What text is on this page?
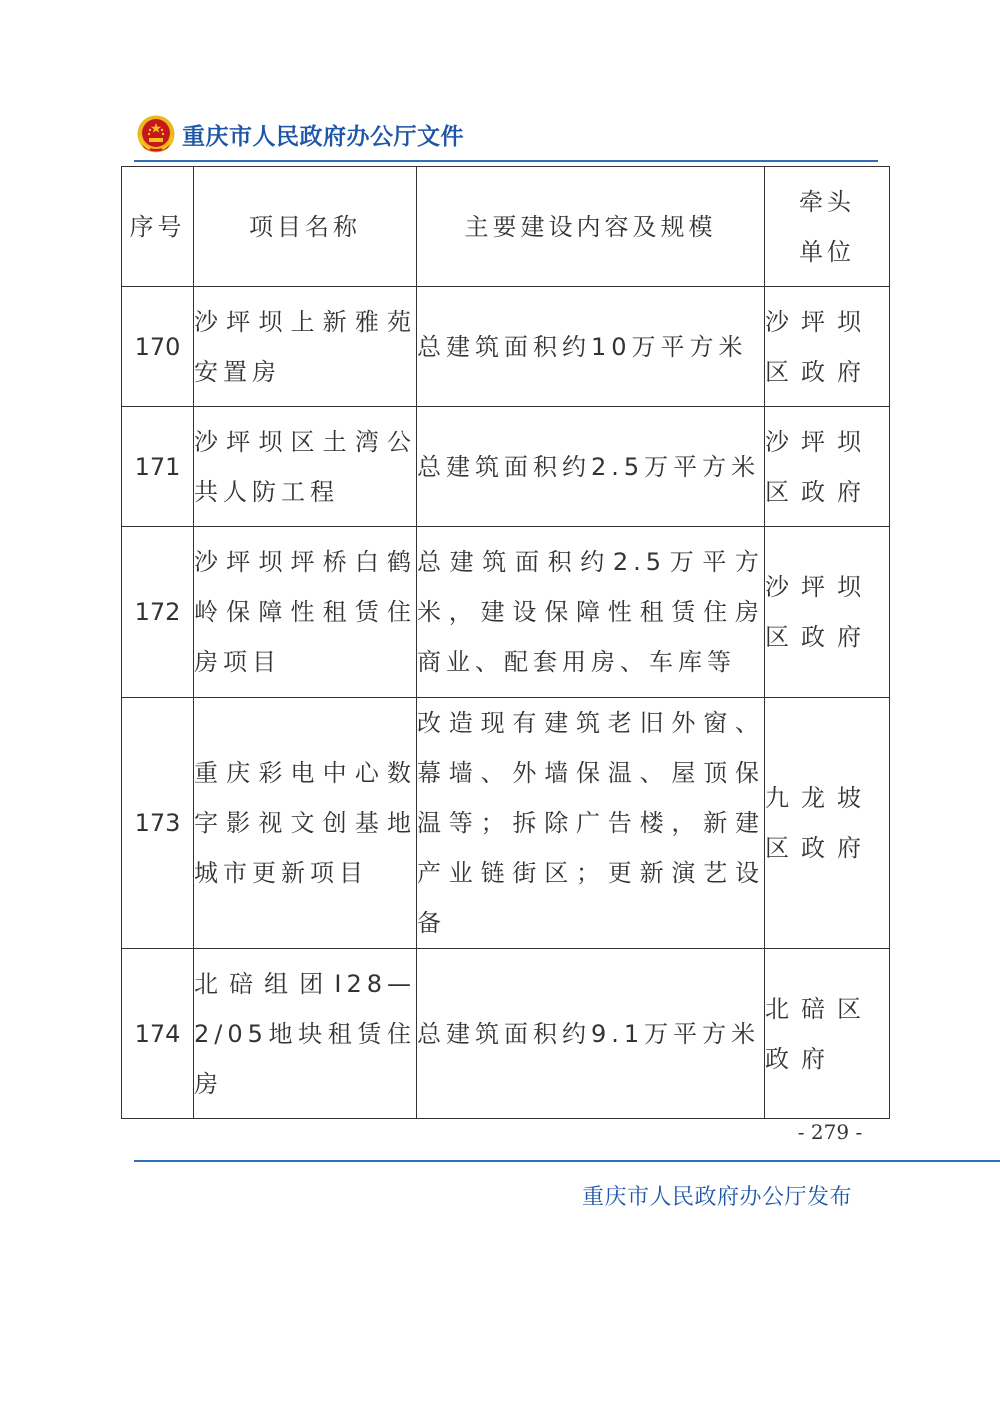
重庆市人民政府办公厅文件
序号	项目名称	主要建设内容及规模	牵头单位
170	沙坪坝上新雅苑安置房	总建筑面积约10万平方米	沙坪坝区政府
171	沙坪坝区土湾公共人防工程	总建筑面积约2.5万平方米	沙坪坝区政府
172	沙坪坝坪桥白鹤岭保障性租赁住房项目	总建筑面积约2.5万平方米，建设保障性租赁住房商业、配套用房、车库等	沙坪坝区政府
173	重庆彩电中心数字影视文创基地城市更新项目	改造现有建筑老旧外窗、幕墙、外墙保温、屋顶保温等；拆除广告楼，新建产业链街区；更新演艺设备	九龙坡区政府
174	北碚组团I28—2/05地块租赁住房	总建筑面积约9.1万平方米	北碚区政府
- 279 -
重庆市人民政府办公厅发布
